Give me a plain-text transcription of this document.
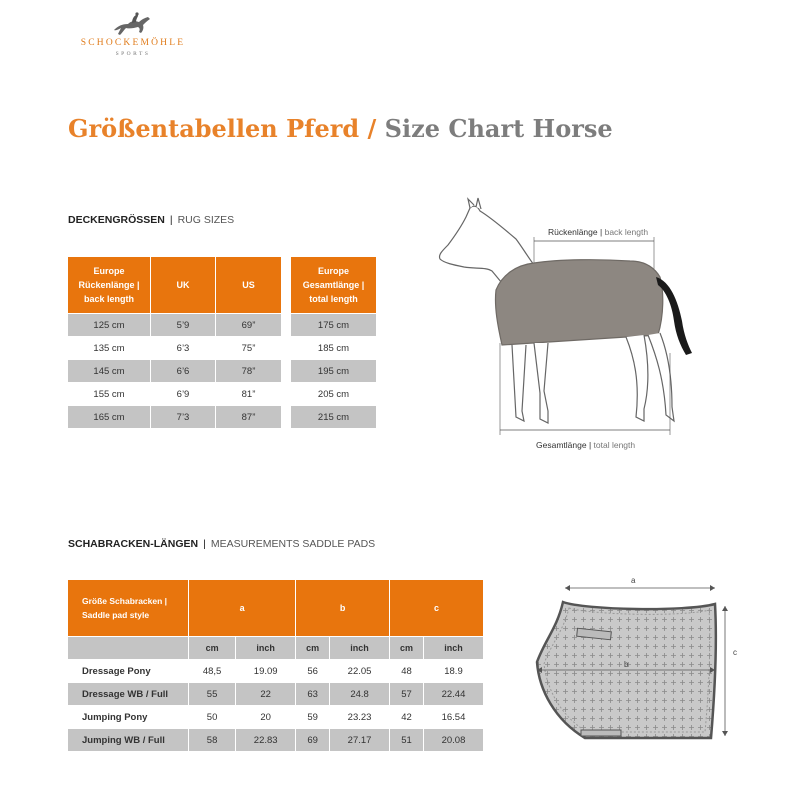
SCHOCKEMÖHLE
SPORTS
Größentabellen Pferd / Size Chart Horse
DECKENGRÖSSEN | RUG SIZES
Europe
Rückenlänge |
back length	UK	US

125 cm	5’9	69”
135 cm	6’3	75”
145 cm	6’6	78”
155 cm	6’9	81”
165 cm	7’3	87”
Europe
Gesamtlänge |
total length

175 cm
185 cm
195 cm
205 cm
215 cm
Rückenlänge | back length
Gesamtlänge | total length
SCHABRACKEN-LÄNGEN | MEASUREMENTS SADDLE PADS
Größe Schabracken |
Saddle pad style	a		b		c	
	cm	inch	cm	inch	cm	inch
Dressage Pony	48,5	19.09	56	22.05	48	18.9
Dressage WB / Full	55	22	63	24.8	57	22.44
Jumping Pony	50	20	59	23.23	42	16.54
Jumping WB / Full	58	22.83	69	27.17	51	20.08
a
b
c
